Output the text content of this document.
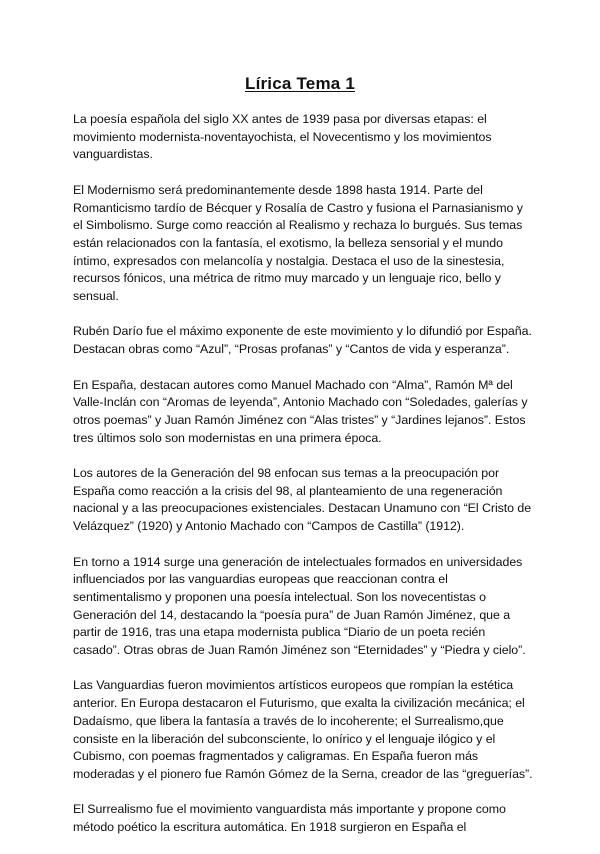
Lírica Tema 1

La poesía española del siglo XX antes de 1939 pasa por diversas etapas: el movimiento modernista-noventayochista, el Novecentismo y los movimientos vanguardistas.

El Modernismo será predominantemente desde 1898 hasta 1914. Parte del Romanticismo tardío de Bécquer y Rosalía de Castro y fusiona el Parnasianismo y el Simbolismo. Surge como reacción al Realismo y rechaza lo burgués. Sus temas están relacionados con la fantasía, el exotismo, la belleza sensorial y el mundo íntimo, expresados con melancolía y nostalgia. Destaca el uso de la sinestesia, recursos fónicos, una métrica de ritmo muy marcado y un lenguaje rico, bello y sensual.

Rubén Darío fue el máximo exponente de este movimiento y lo difundió por España. Destacan obras como “Azul”, “Prosas profanas” y “Cantos de vida y esperanza”.

En España, destacan autores como Manuel Machado con “Alma”, Ramón Mª del Valle-Inclán con “Aromas de leyenda”, Antonio Machado con “Soledades, galerías y otros poemas” y Juan Ramón Jiménez con “Alas tristes” y “Jardines lejanos”. Estos tres últimos solo son modernistas en una primera época.

Los autores de la Generación del 98 enfocan sus temas a la preocupación por España como reacción a la crisis del 98, al planteamiento de una regeneración nacional y a las preocupaciones existenciales. Destacan Unamuno con “El Cristo de Velázquez” (1920) y Antonio Machado con “Campos de Castilla” (1912).

En torno a 1914 surge una generación de intelectuales formados en universidades influenciados por las vanguardias europeas que reaccionan contra el sentimentalismo y proponen una poesía intelectual. Son los novecentistas o Generación del 14, destacando la “poesía pura” de Juan Ramón Jiménez, que a partir de 1916, tras una etapa modernista publica “Diario de un poeta recién casado”. Otras obras de Juan Ramón Jiménez son “Eternidades” y “Piedra y cielo”.

Las Vanguardias fueron movimientos artísticos europeos que rompían la estética anterior. En Europa destacaron el Futurismo, que exalta la civilización mecánica; el Dadaísmo, que libera la fantasía a través de lo incoherente; el Surrealismo,que consiste en la liberación del subconsciente, lo onírico y el lenguaje ilógico y el Cubismo, con poemas fragmentados y caligramas. En España fueron más moderadas y el pionero fue Ramón Gómez de la Serna, creador de las “greguerías”.

El Surrealismo fue el movimiento vanguardista más importante y propone como método poético la escritura automática. En 1918 surgieron en España el
